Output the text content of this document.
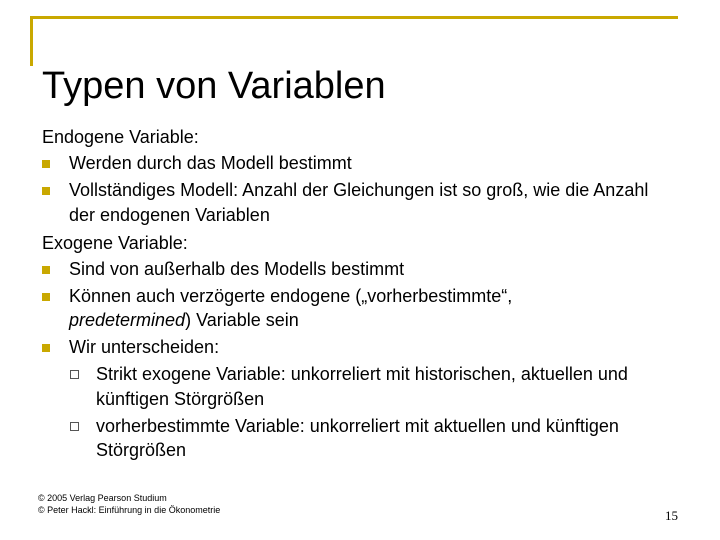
Typen von Variablen
Endogene Variable:
Werden durch das Modell bestimmt
Vollständiges Modell: Anzahl der Gleichungen ist so groß, wie die Anzahl der endogenen Variablen
Exogene Variable:
Sind von außerhalb des Modells bestimmt
Können auch verzögerte endogene („vorherbestimmte“,
predetermined) Variable sein
Wir unterscheiden:
Strikt exogene Variable: unkorreliert mit historischen, aktuellen und künftigen Störgrößen
vorherbestimmte Variable: unkorreliert mit aktuellen und künftigen Störgrößen
© 2005 Verlag Pearson Studium
© Peter Hackl: Einführung in die Ökonometrie	15
